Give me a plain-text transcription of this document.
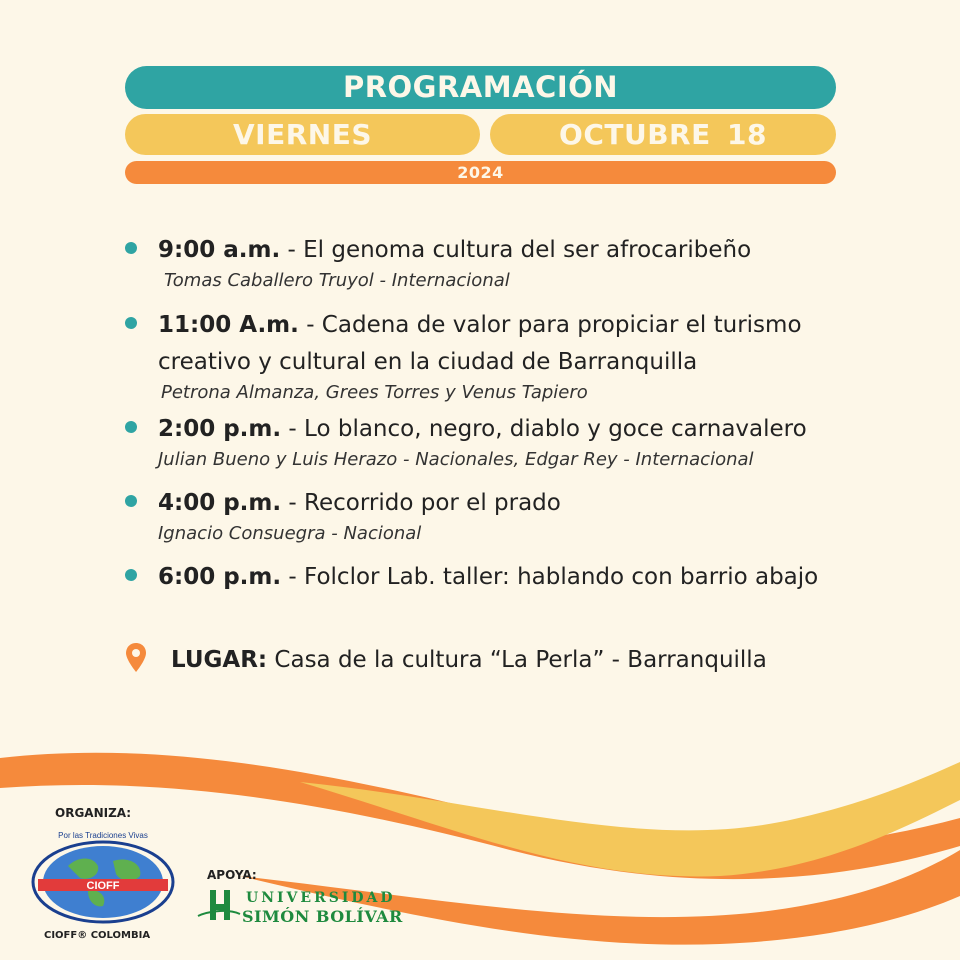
PROGRAMACIÓN
VIERNES	OCTUBRE 18
2024
9:00 a.m. - El genoma cultura del ser afrocaribeño
Tomas Caballero Truyol - Internacional
11:00 A.m. - Cadena de valor para propiciar el turismo creativo y cultural en la ciudad de Barranquilla
Petrona Almanza, Grees Torres y Venus Tapiero
2:00 p.m. - Lo blanco, negro, diablo y goce carnavalero
Julian Bueno y Luis Herazo - Nacionales, Edgar Rey - Internacional
4:00 p.m. - Recorrido por el prado
Ignacio Consuegra - Nacional
6:00 p.m. - Folclor Lab. taller: hablando con barrio abajo
LUGAR: Casa de la cultura “La Perla” - Barranquilla
ORGANIZA:
CIOFF
Por las Tradiciones Vivas
CIOFF® COLOMBIA
APOYA:
UNIVERSIDAD
SIMÓN BOLÍVAR
